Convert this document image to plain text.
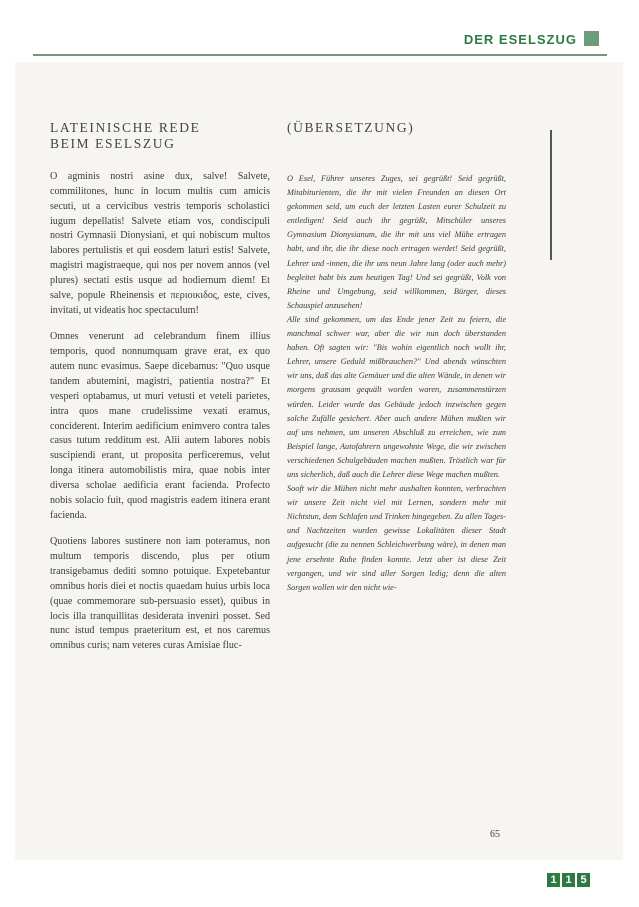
DER ESELSZUG
LATEINISCHE REDE
BEIM ESELSZUG
(ÜBERSETZUNG)

O agminis nostri asine dux, salve! Salvete, commilitones, hunc in locum multis cum amicis secuti, ut a cervicibus vestris temporis scholastici iugum depellatis! Salvete etiam vos, condiscipuli nostri Gymnasii Dionysiani, et qui nobiscum multos labores pertulistis et qui eosdem laturi estis! Salvete, magistri magistraeque, qui nos per novem annos (vel plures) sectati estis usque ad hodiernum diem! Et salve, popule Rheinensis et περιοικιδος, este, cives, invitati, ut videatis hoc spectaculum!

Omnes venerunt ad celebrandum finem illius temporis, quod nonnumquam grave erat, ex quo autem nunc evasimus. Saepe dicebamus: "Quo usque tandem abutemini, magistri, patientia nostra?" Et vesperi optabamus, ut muri vetusti et veteli parietes, intra quos mane crudelissime vexati eramus, conciderent. Interim aedificium enimvero contra tales casus tutum redditum est. Alii autem labores nobis suscipiendi erant, ut proposita perficeremus, velut longa itinera automobilistis mira, quae nobis inter diversa scholae aedificia erant facienda. Profecto nobis solacio fuit, quod magistris eadem itinera erant facienda.

Quotiens labores sustinere non iam poteramus, non multum temporis discendo, plus per otium transigebamus dediti somno potuique. Expetebantur omnibus horis diei et noctis quaedam huius urbis loca (quae commemorare sub-persuasio esset), quibus in locis illa tranquillitas desiderata inveniri posset. Sed nunc istud tempus praeteritum est, et nos caremus omnibus curis; nam veteres curas Amisiae fluc-

O Esel, Führer unseres Zuges, sei gegrüßt! Seid gegrüßt, Mitabiturienten, die ihr mit vielen Freunden an diesen Ort gekommen seid, um euch der letzten Lasten eurer Schulzeit zu entledigen! Seid auch ihr gegrüßt, Mitschüler unseres Gymnasium Dionysianum, die ihr mit uns viel Mühe ertragen habt, und ihr, die ihr diese noch ertragen werdet! Seid gegrüßt, Lehrer und -innen, die ihr uns neun Jahre lang (oder auch mehr) begleitet habt bis zum heutigen Tag! Und sei gegrüßt, Volk von Rheine und Umgebung, seid willkommen, Bürger, dieses Schauspiel anzusehen!

Alle sind gekommen, um das Ende jener Zeit zu feiern, die manchmal schwer war, aber die wir nun doch überstanden haben. Oft sagten wir: "Bis wohin eigentlich noch wollt ihr, Lehrer, unsere Geduld mißbrauchen?" Und abends wünschten wir uns, daß das alte Gemäuer und die alten Wände, in denen wir morgens grausam gequält worden waren, zusammenstürzen würden. Leider wurde das Gebäude jedoch inzwischen gegen solche Zufälle gesichert. Aber auch andere Mühen mußten wir auf uns nehmen, um unseren Abschluß zu erreichen, wie zum Beispiel lange, Autofahrern ungewohnte Wege, die wir zwischen verschiedenen Schulgebäuden machen mußten. Tröstlich war für uns sicherlich, daß auch die Lehrer diese Wege machen mußten.

Sooft wir die Mühen nicht mehr aushalten konnten, verbrachten wir unsere Zeit nicht viel mit Lernen, sondern mehr mit Nichtstun, dem Schlafen und Trinken hingegeben. Zu allen Tages- und Nachtzeiten wurden gewisse Lokalitäten dieser Stadt aufgesucht (die zu nennen Schleichwerbung wäre), in denen man jene ersehnte Ruhe finden konnte. Jetzt aber ist diese Zeit vergangen, und wir sind aller Sorgen ledig; denn die alten Sorgen wollen wir den nicht wie-

65
1 1 5
